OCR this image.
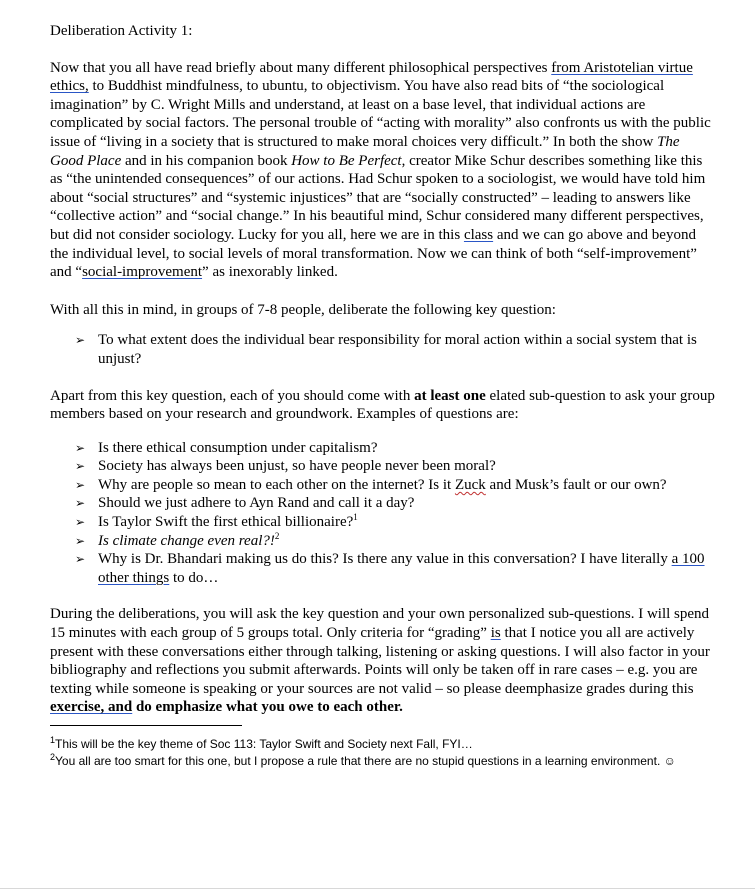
Deliberation Activity 1:

Now that you all have read briefly about many different philosophical perspectives from Aristotelian virtue ethics, to Buddhist mindfulness, to ubuntu, to objectivism. You have also read bits of “the sociological imagination” by C. Wright Mills and understand, at least on a base level, that individual actions are complicated by social factors. The personal trouble of “acting with morality” also confronts us with the public issue of “living in a society that is structured to make moral choices very difficult.” In both the show The Good Place and in his companion book How to Be Perfect, creator Mike Schur describes something like this as “the unintended consequences” of our actions. Had Schur spoken to a sociologist, we would have told him about “social structures” and “systemic injustices” that are “socially constructed” – leading to answers like “collective action” and “social change.” In his beautiful mind, Schur considered many different perspectives, but did not consider sociology. Lucky for you all, here we are in this class and we can go above and beyond the individual level, to social levels of moral transformation. Now we can think of both “self-improvement” and “social-improvement” as inexorably linked.

With all this in mind, in groups of 7-8 people, deliberate the following key question:

➢ To what extent does the individual bear responsibility for moral action within a social system that is unjust?

Apart from this key question, each of you should come with at least one elated sub-question to ask your group members based on your research and groundwork. Examples of questions are:

➢ Is there ethical consumption under capitalism?
➢ Society has always been unjust, so have people never been moral?
➢ Why are people so mean to each other on the internet? Is it Zuck and Musk’s fault or our own?
➢ Should we just adhere to Ayn Rand and call it a day?
➢ Is Taylor Swift the first ethical billionaire?$^1$
➢ Is climate change even real?!$^2$
➢ Why is Dr. Bhandari making us do this? Is there any value in this conversation? I have literally a 100 other things to do…

During the deliberations, you will ask the key question and your own personalized sub-questions. I will spend 15 minutes with each group of 5 groups total. Only criteria for “grading” is that I notice you all are actively present with these conversations either through talking, listening or asking questions. I will also factor in your bibliography and reflections you submit afterwards. Points will only be taken off in rare cases – e.g. you are texting while someone is speaking or your sources are not valid – so please deemphasize grades during this exercise, and do emphasize what you owe to each other.

$^1$This will be the key theme of Soc 113: Taylor Swift and Society next Fall, FYI…
$^2$You all are too smart for this one, but I propose a rule that there are no stupid questions in a learning environment. ☺
